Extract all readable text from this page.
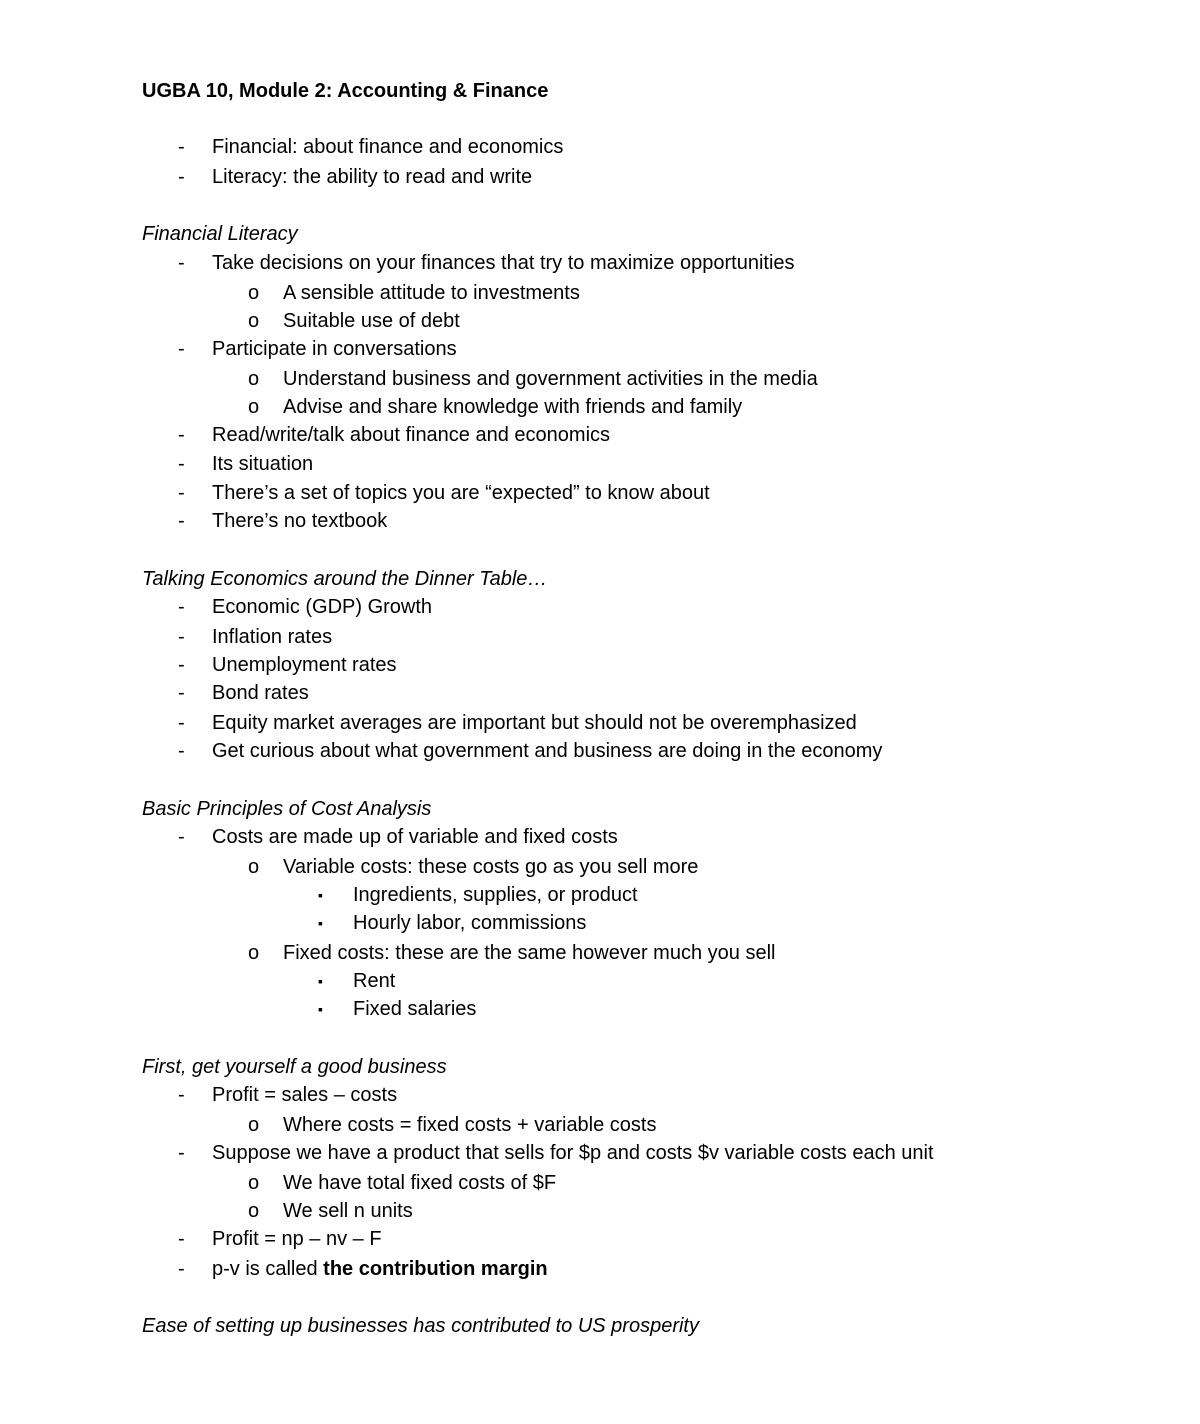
UGBA 10, Module 2: Accounting & Finance
- Financial: about finance and economics
- Literacy: the ability to read and write
Financial Literacy
- Take decisions on your finances that try to maximize opportunities
o A sensible attitude to investments
o Suitable use of debt
- Participate in conversations
o Understand business and government activities in the media
o Advise and share knowledge with friends and family
- Read/write/talk about finance and economics
- Its situation
- There’s a set of topics you are “expected” to know about
- There’s no textbook
Talking Economics around the Dinner Table…
- Economic (GDP) Growth
- Inflation rates
- Unemployment rates
- Bond rates
- Equity market averages are important but should not be overemphasized
- Get curious about what government and business are doing in the economy
Basic Principles of Cost Analysis
- Costs are made up of variable and fixed costs
o Variable costs: these costs go as you sell more
▪ Ingredients, supplies, or product
▪ Hourly labor, commissions
o Fixed costs: these are the same however much you sell
▪ Rent
▪ Fixed salaries
First, get yourself a good business
- Profit = sales – costs
o Where costs = fixed costs + variable costs
- Suppose we have a product that sells for $p and costs $v variable costs each unit
o We have total fixed costs of $F
o We sell n units
- Profit = np – nv – F
- p-v is called the contribution margin
Ease of setting up businesses has contributed to US prosperity
